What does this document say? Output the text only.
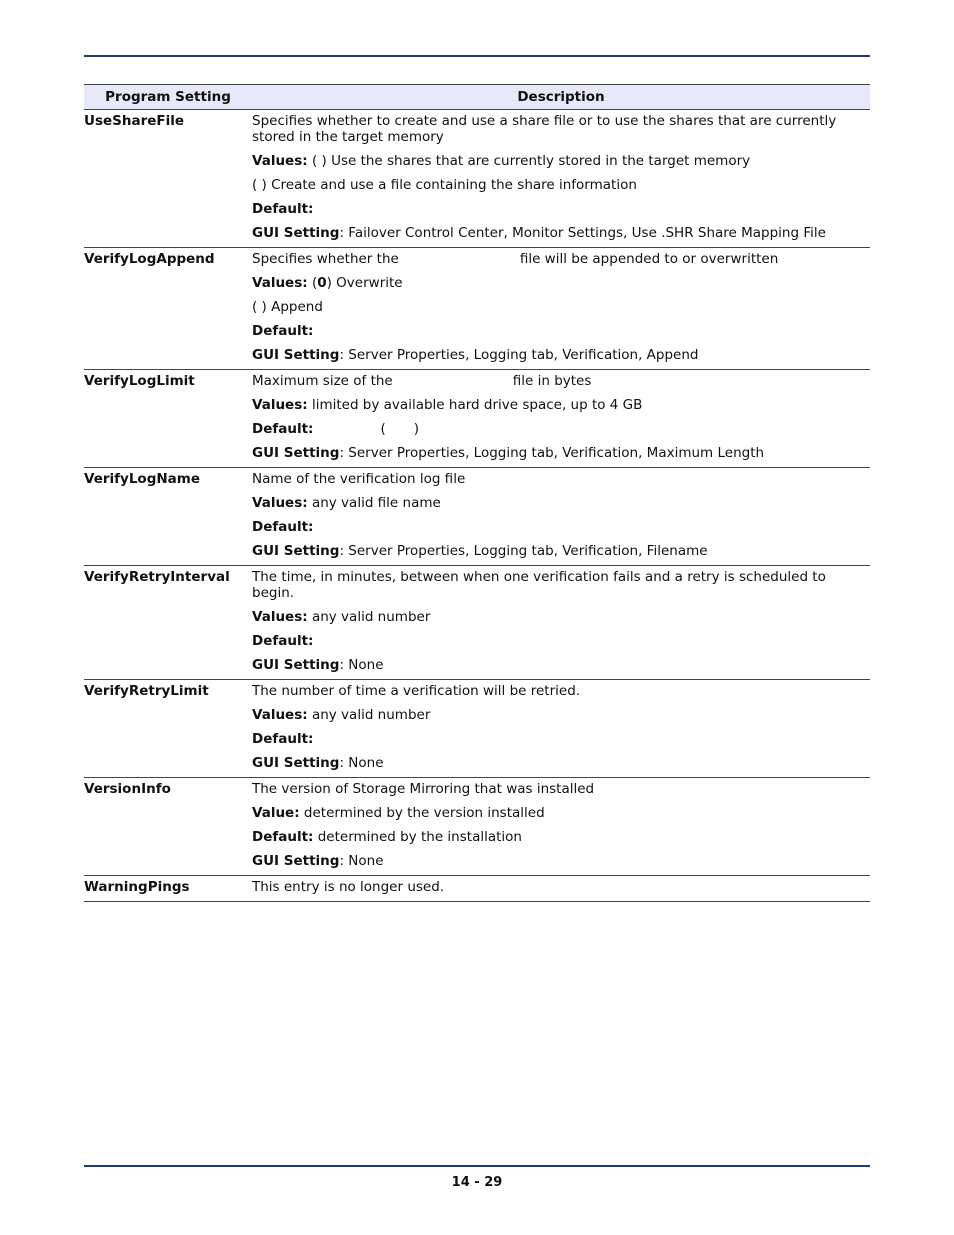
Program Setting	Description
UseShareFile	Specifies whether to create and use a share file or to use the shares that are currently stored in the target memory

Values: ( ) Use the shares that are currently stored in the target memory

( ) Create and use a file containing the share information

Default:

GUI Setting: Failover Control Center, Monitor Settings, Use .SHR Share Mapping File

VerifyLogAppend	Specifies whether the file will be appended to or overwritten

Values: (0) Overwrite

( ) Append

Default:

GUI Setting: Server Properties, Logging tab, Verification, Append

VerifyLogLimit	Maximum size of the file in bytes

Values: limited by available hard drive space, up to 4 GB

Default: ( )

GUI Setting: Server Properties, Logging tab, Verification, Maximum Length

VerifyLogName	Name of the verification log file

Values: any valid file name

Default:

GUI Setting: Server Properties, Logging tab, Verification, Filename

VerifyRetryInterval	The time, in minutes, between when one verification fails and a retry is scheduled to begin.

Values: any valid number

Default:

GUI Setting: None

VerifyRetryLimit	The number of time a verification will be retried.

Values: any valid number

Default:

GUI Setting: None

VersionInfo	The version of Storage Mirroring that was installed

Value: determined by the version installed

Default: determined by the installation

GUI Setting: None

WarningPings	This entry is no longer used.

14 - 29
